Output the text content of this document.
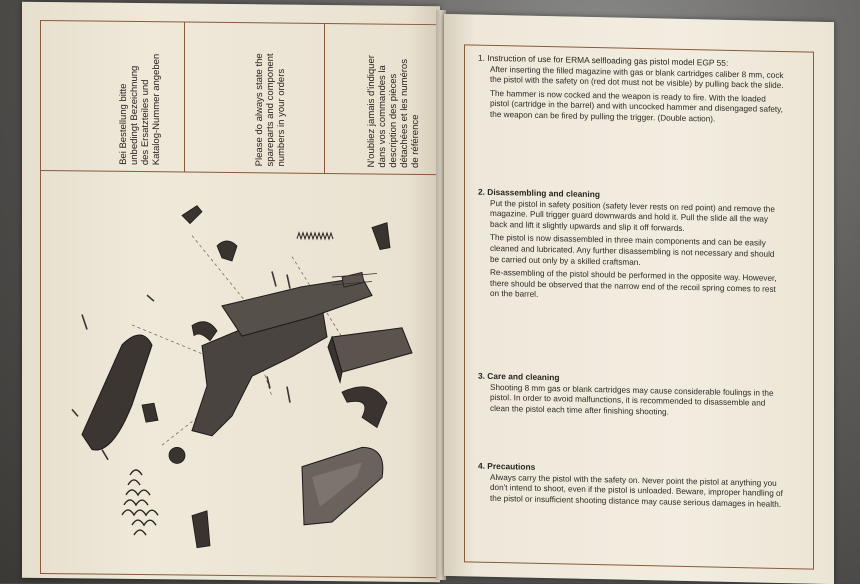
Bei Bestellung bitte
unbedingt Bezeichnung
des Ersatzteiles und
Katalog-Nummer angeben	Please do always state the
spareparts and component
numbers in your orders	N'oubliez jamais d'indiquer
dans vos commandes la
description des pièces
détachées et les numéros
de référence
1. Instruction of use for ERMA selfloading gas pistol model EGP 55:

After inserting the filled magazine with gas or blank cartridges caliber 8 mm, cock the pistol with the safety on (red dot must not be visible) by pulling back the slide.

The hammer is now cocked and the weapon is ready to fire. With the loaded pistol (cartridge in the barrel) and with uncocked hammer and disengaged safety, the weapon can be fired by pulling the trigger. (Double action).

2. Disassembling and cleaning

Put the pistol in safety position (safety lever rests on red point) and remove the magazine. Pull trigger guard downwards and hold it. Pull the slide all the way back and lift it slightly upwards and slip it off forwards.

The pistol is now disassembled in three main components and can be easily cleaned and lubricated. Any further disassembling is not necessary and should be carried out only by a skilled craftsman.

Re-assembling of the pistol should be performed in the opposite way. However, there should be observed that the narrow end of the recoil spring comes to rest on the barrel.

3. Care and cleaning

Shooting 8 mm gas or blank cartridges may cause considerable foulings in the pistol. In order to avoid malfunctions, it is recommended to disassemble and clean the pistol each time after finishing shooting.

4. Precautions

Always carry the pistol with the safety on. Never point the pistol at anything you don't intend to shoot, even if the pistol is unloaded. Beware, improper handling of the pistol or insufficient shooting distance may cause serious damages in health.
